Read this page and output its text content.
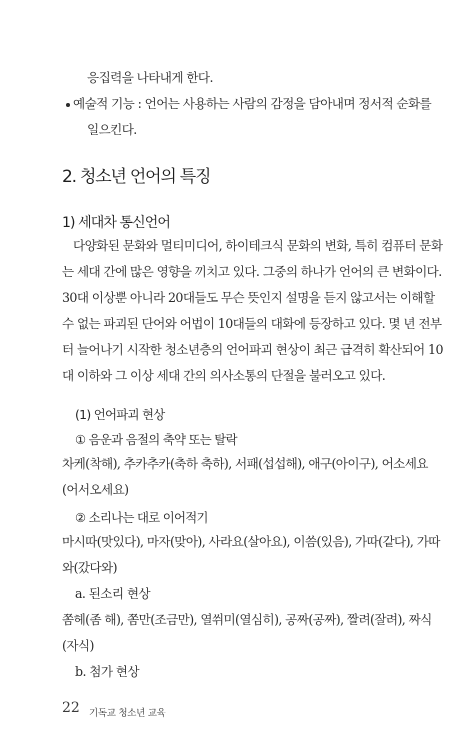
응집력을 나타내게 한다.
예술적 기능 : 언어는 사용하는 사람의 감정을 담아내며 정서적 순화를
일으킨다.
2. 청소년 언어의 특징
1) 세대차 통신언어
다양화된 문화와 멀티미디어, 하이테크식 문화의 변화, 특히 컴퓨터 문화
는 세대 간에 많은 영향을 끼치고 있다. 그중의 하나가 언어의 큰 변화이다.
30대 이상뿐 아니라 20대들도 무슨 뜻인지 설명을 듣지 않고서는 이해할
수 없는 파괴된 단어와 어법이 10대들의 대화에 등장하고 있다. 몇 년 전부
터 늘어나기 시작한 청소년층의 언어파괴 현상이 최근 급격히 확산되어 10
대 이하와 그 이상 세대 간의 의사소통의 단절을 불러오고 있다.
(1) 언어파괴 현상
① 음운과 음절의 축약 또는 탈락
차케(착해), 추카추카(축하 축하), 서패(섭섭해), 애구(아이구), 어소세요
(어서오세요)
② 소리나는 대로 이어적기
마시따(맛있다), 마자(맞아), 사라요(살아요), 이씀(있음), 가따(같다), 가따
와(갔다와)
a. 된소리 현상
쫌헤(좀 해), 쫌만(조금만), 열쒸미(열심히), 공짜(공짜), 짤려(잘려), 짜식
(자식)
b. 첨가 현상
22 기독교 청소년 교육
